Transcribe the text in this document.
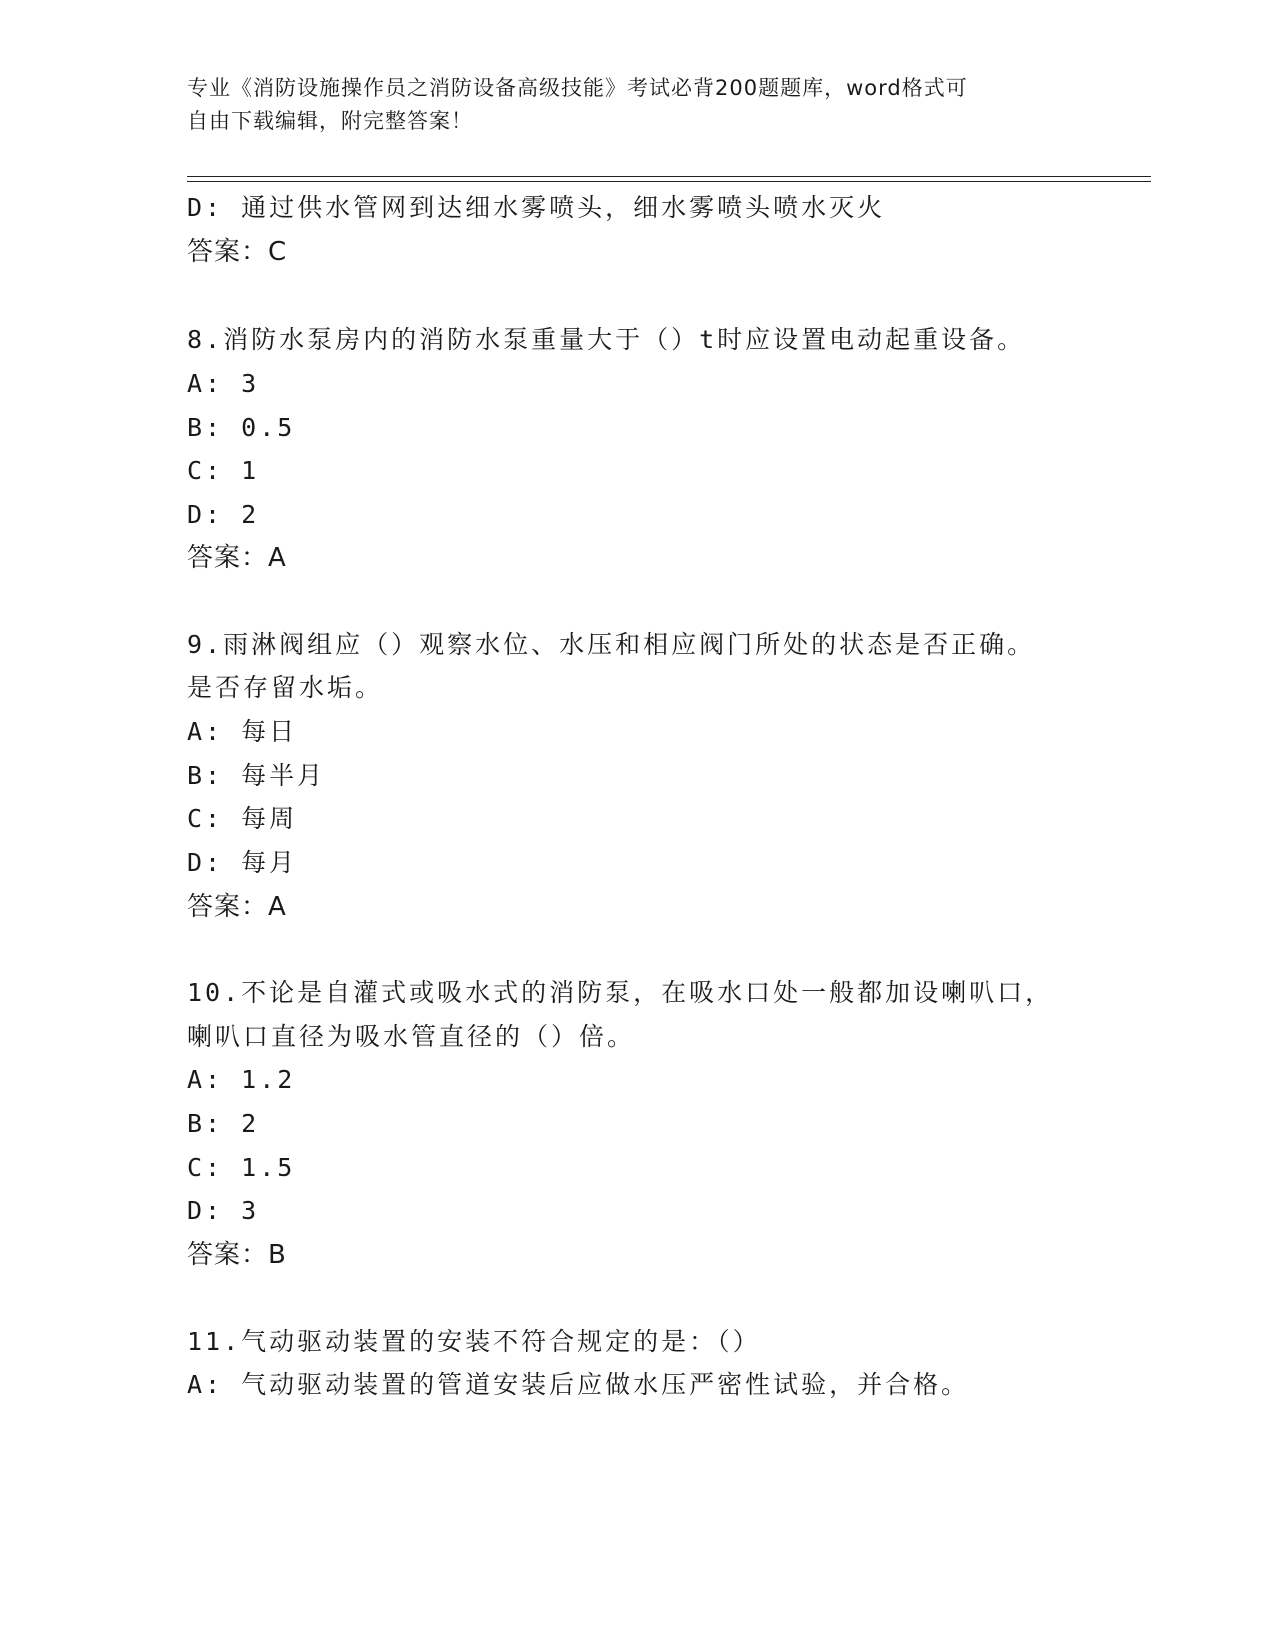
专业《消防设施操作员之消防设备高级技能》考试必背200题题库，word格式可
自由下载编辑，附完整答案！
D: 通过供水管网到达细水雾喷头，细水雾喷头喷水灭火
答案：C
8.消防水泵房内的消防水泵重量大于（）t时应设置电动起重设备。
A: 3
B: 0.5
C: 1
D: 2
答案：A
9.雨淋阀组应（）观察水位、水压和相应阀门所处的状态是否正确。
是否存留水垢。
A: 每日
B: 每半月
C: 每周
D: 每月
答案：A
10.不论是自灌式或吸水式的消防泵，在吸水口处一般都加设喇叭口，
喇叭口直径为吸水管直径的（）倍。
A: 1.2
B: 2
C: 1.5
D: 3
答案：B
11.气动驱动装置的安装不符合规定的是：（）
A: 气动驱动装置的管道安装后应做水压严密性试验，并合格。
